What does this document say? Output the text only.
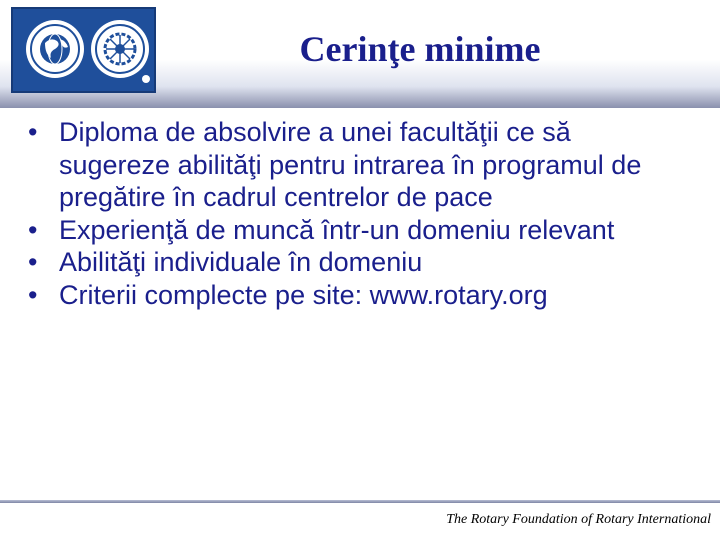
Cerinţe minime
• Diploma de absolvire a unei facultăţii ce să sugereze abilităţi pentru intrarea în programul de pregătire în cadrul centrelor de pace
• Experienţă de muncă într-un domeniu relevant
• Abilităţi individuale în domeniu
• Criterii complecte pe site: www.rotary.org
The Rotary Foundation of Rotary International
